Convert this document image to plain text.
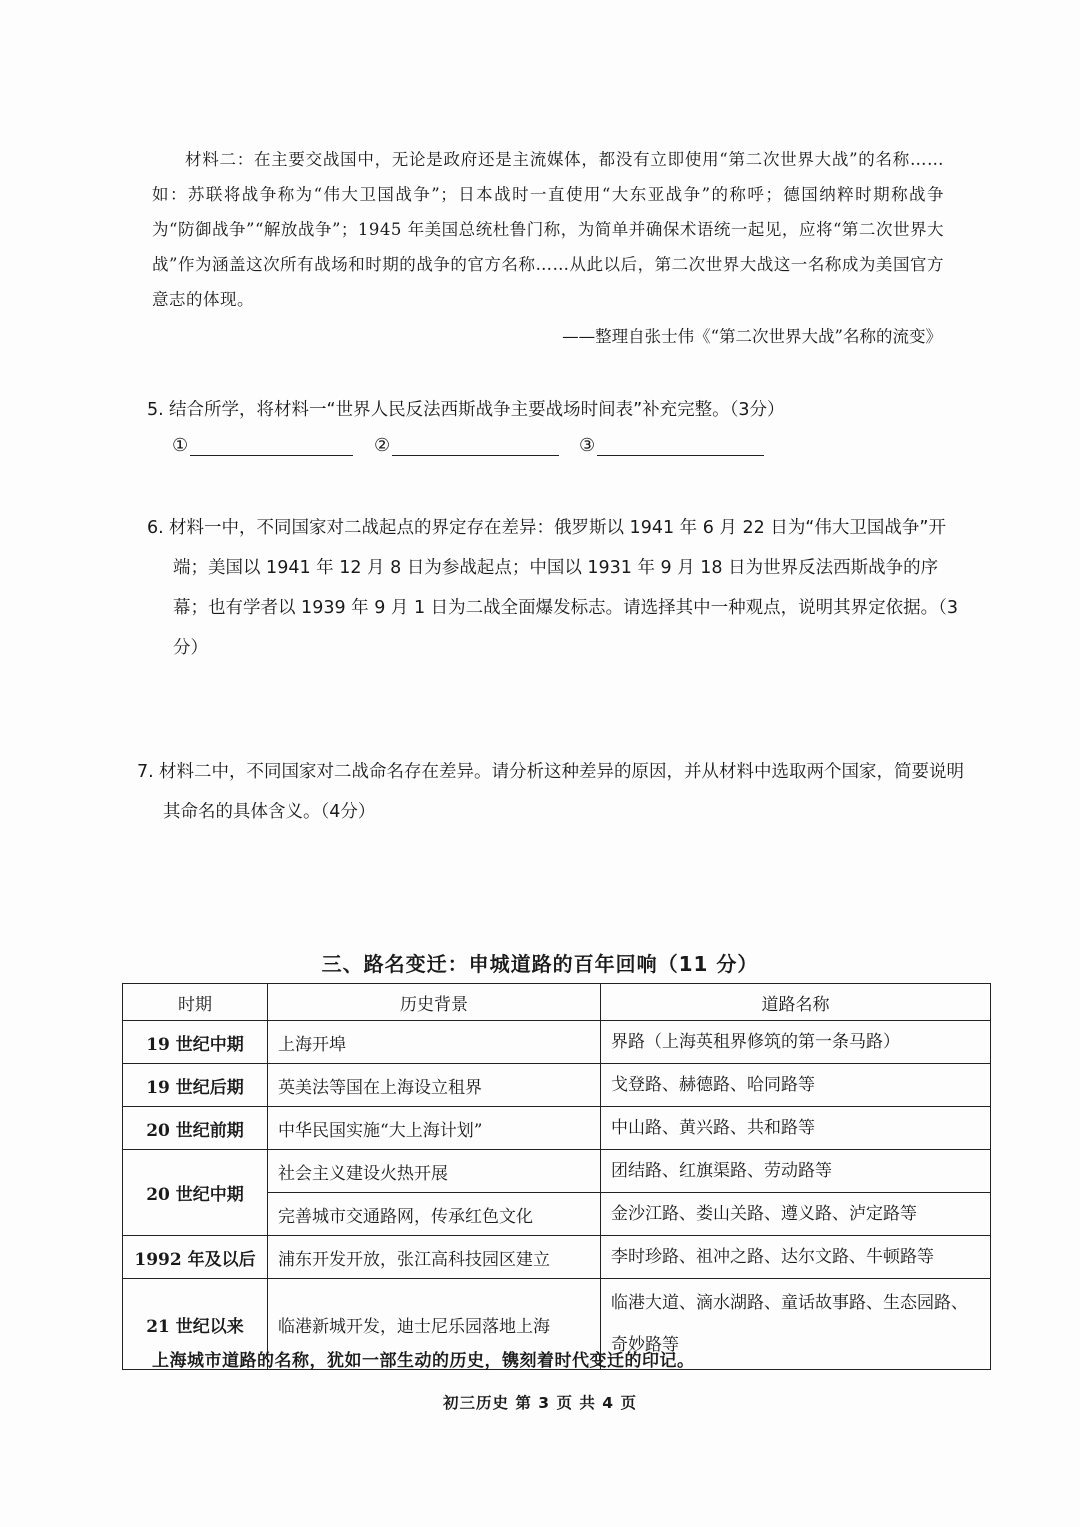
材料二：在主要交战国中，无论是政府还是主流媒体，都没有立即使用“第二次世界大战”的名称……如：苏联将战争称为“伟大卫国战争”；日本战时一直使用“大东亚战争”的称呼；德国纳粹时期称战争为“防御战争”“解放战争”；1945 年美国总统杜鲁门称，为简单并确保术语统一起见，应将“第二次世界大战”作为涵盖这次所有战场和时期的战争的官方名称……从此以后，第二次世界大战这一名称成为美国官方意志的体现。
——整理自张士伟《“第二次世界大战”名称的流变》
5. 结合所学，将材料一“世界人民反法西斯战争主要战场时间表”补充完整。（3分）
①	②	③
6. 材料一中，不同国家对二战起点的界定存在差异：俄罗斯以 1941 年 6 月 22 日为“伟大卫国战争”开端；美国以 1941 年 12 月 8 日为参战起点；中国以 1931 年 9 月 18 日为世界反法西斯战争的序幕；也有学者以 1939 年 9 月 1 日为二战全面爆发标志。请选择其中一种观点，说明其界定依据。（3分）
7. 材料二中，不同国家对二战命名存在差异。请分析这种差异的原因，并从材料中选取两个国家，简要说明其命名的具体含义。（4分）
三、路名变迁：申城道路的百年回响（11 分）
时期	历史背景	道路名称
19 世纪中期	上海开埠	界路（上海英租界修筑的第一条马路）
19 世纪后期	英美法等国在上海设立租界	戈登路、赫德路、哈同路等
20 世纪前期	中华民国实施“大上海计划”	中山路、黄兴路、共和路等
20 世纪中期	社会主义建设火热开展	团结路、红旗渠路、劳动路等
	完善城市交通路网，传承红色文化	金沙江路、娄山关路、遵义路、泸定路等
1992 年及以后	浦东开发开放，张江高科技园区建立	李时珍路、祖冲之路、达尔文路、牛顿路等
21 世纪以来	临港新城开发，迪士尼乐园落地上海	临港大道、滴水湖路、童话故事路、生态园路、奇妙路等
上海城市道路的名称，犹如一部生动的历史，镌刻着时代变迁的印记。
初三历史 第 3 页 共 4 页
